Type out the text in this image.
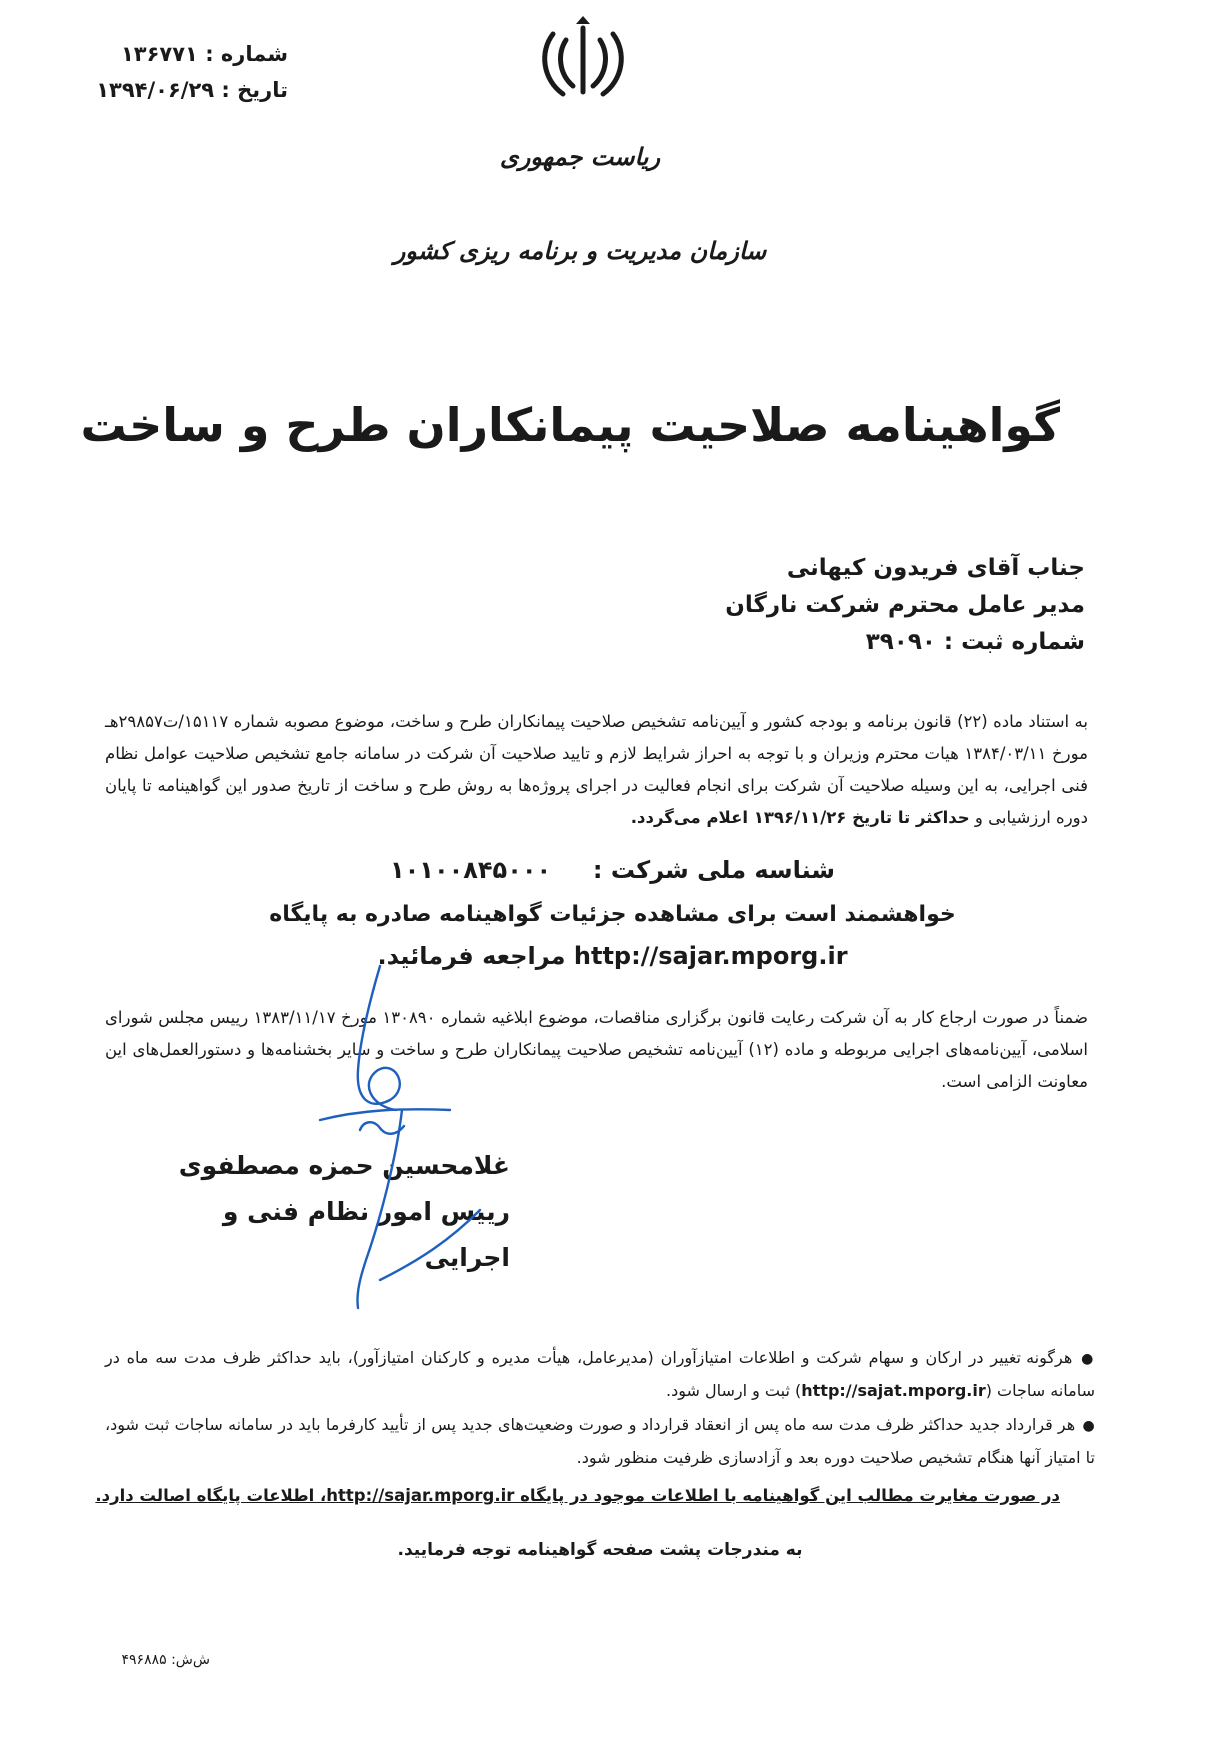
شماره : ۱۳۶۷۷۱
تاریخ : ۱۳۹۴/۰۶/۲۹
ریاست جمهوری
سازمان مدیریت و برنامه ریزی کشور
گواهینامه صلاحیت پیمانکاران طرح و ساخت
جناب آقای فریدون کیهانی
مدیر عامل محترم شرکت نارگان
شماره ثبت : ۳۹۰۹۰
به استناد ماده (۲۲) قانون برنامه و بودجه کشور و آیین‌نامه تشخیص صلاحیت پیمانکاران طرح و ساخت، موضوع مصوبه شماره ۱۵۱۱۷/ت۲۹۸۵۷هـ مورخ ۱۳۸۴/۰۳/۱۱ هیات محترم وزیران و با توجه به احراز شرایط لازم و تایید صلاحیت آن شرکت در سامانه جامع تشخیص صلاحیت عوامل نظام فنی اجرایی، به این وسیله صلاحیت آن شرکت برای انجام فعالیت در اجرای پروژه‌ها به روش طرح و ساخت از تاریخ صدور این گواهینامه تا پایان دوره ارزشیابی و حداکثر تا تاریخ ۱۳۹۶/۱۱/۲۶ اعلام می‌گردد.
شناسه ملی شرکت :     ۱۰۱۰۰۸۴۵۰۰۰
خواهشمند است برای مشاهده جزئیات گواهینامه صادره به پایگاه
http://sajar.mporg.ir مراجعه فرمائید.
ضمناً در صورت ارجاع کار به آن شرکت رعایت قانون برگزاری مناقصات، موضوع ابلاغیه شماره ۱۳۰۸۹۰ مورخ ۱۳۸۳/۱۱/۱۷ رییس مجلس شورای اسلامی، آیین‌نامه‌های اجرایی مربوطه و ماده (۱۲) آیین‌نامه تشخیص صلاحیت پیمانکاران طرح و ساخت و سایر بخشنامه‌ها و دستورالعمل‌های این معاونت الزامی است.
غلامحسین حمزه مصطفوی
رییس امور نظام فنی و اجرایی
● هرگونه تغییر در ارکان و سهام شرکت و اطلاعات امتیازآوران (مدیرعامل، هیأت مدیره و کارکنان امتیازآور)، باید حداکثر ظرف مدت سه ماه در سامانه ساجات (http://sajat.mporg.ir) ثبت و ارسال شود.
● هر قرارداد جدید حداکثر ظرف مدت سه ماه پس از انعقاد قرارداد و صورت وضعیت‌های جدید پس از تأیید کارفرما باید در سامانه ساجات ثبت شود، تا امتیاز آنها هنگام تشخیص صلاحیت دوره بعد و آزادسازی ظرفیت منظور شود.
در صورت مغایرت مطالب این گواهینامه با اطلاعات موجود در پایگاه http://sajar.mporg.ir، اطلاعات پایگاه اصالت دارد.
به مندرجات پشت صفحه گواهینامه توجه فرمایید.
ش‌ش: ۴۹۶۸۸۵
